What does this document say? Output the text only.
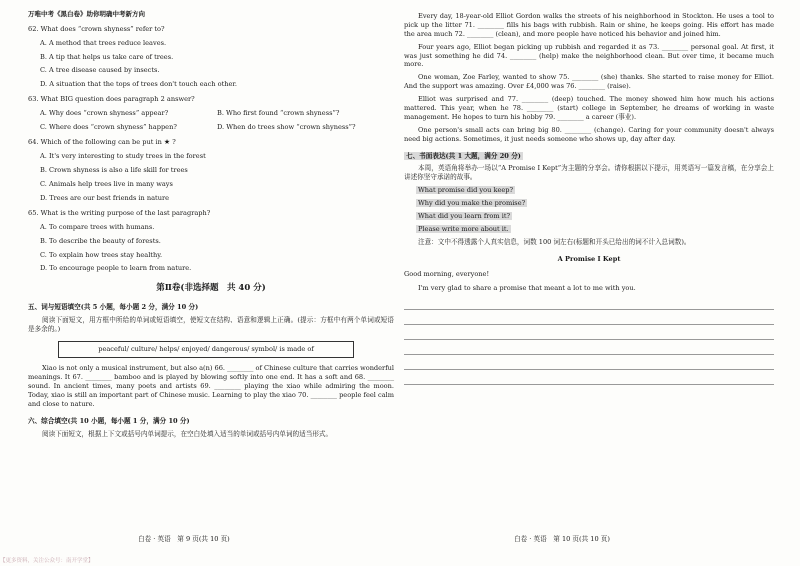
万唯中考《黑白卷》助你明确中考新方向
62. What does “crown shyness” refer to?
A. A method that trees reduce leaves.
B. A tip that helps us take care of trees.
C. A tree disease caused by insects.
D. A situation that the tops of trees don't touch each other.
63. What BIG question does paragraph 2 answer?
A. Why does “crown shyness” appear?	B. Who first found “crown shyness”?
C. Where does “crown shyness” happen?	D. When do trees show “crown shyness”?
64. Which of the following can be put in ★ ?
A. It's very interesting to study trees in the forest
B. Crown shyness is also a life skill for trees
C. Animals help trees live in many ways
D. Trees are our best friends in nature
65. What is the writing purpose of the last paragraph?
A. To compare trees with humans.
B. To describe the beauty of forests.
C. To explain how trees stay healthy.
D. To encourage people to learn from nature.
第Ⅱ卷(非选择题　共 40 分)
五、词与短语填空(共 5 小题，每小题 2 分，满分 10 分)
阅读下面短文，用方框中所给的单词或短语填空，使短文在结构、语意和逻辑上正确。(提示：方框中有两个单词或短语是多余的。)
peaceful/ culture/ helps/ enjoyed/ dangerous/ symbol/ is made of
Xiao is not only a musical instrument, but also a(n) 66. ________ of Chinese culture that carries wonderful meanings. It 67. ________ bamboo and is played by blowing softly into one end. It has a soft and 68. ________ sound. In ancient times, many poets and artists 69. ________ playing the xiao while admiring the moon. Today, xiao is still an important part of Chinese music. Learning to play the xiao 70. ________ people feel calm and close to nature.
六、综合填空(共 10 小题，每小题 1 分，满分 10 分)
阅读下面短文，根据上下文或括号内单词提示，在空白处填入适当的单词或括号内单词的适当形式。
白卷 · 英语　第 9 页(共 10 页)
Every day, 18-year-old Elliot Gordon walks the streets of his neighborhood in Stockton. He uses a tool to pick up the litter 71. ________ fills his bags with rubbish. Rain or shine, he keeps going. His effort has made the area much 72. ________ (clean), and more people have noticed his behavior and joined him.
Four years ago, Elliot began picking up rubbish and regarded it as 73. ________ personal goal. At first, it was just something he did 74. ________ (help) make the neighborhood clean. But over time, it became much more.
One woman, Zoe Farley, wanted to show 75. ________ (she) thanks. She started to raise money for Elliot. And the support was amazing. Over £4,000 was 76. ________ (raise).
Elliot was surprised and 77. ________ (deep) touched. The money showed him how much his actions mattered. This year, when he 78. ________ (start) college in September, he dreams of working in waste management. He hopes to turn his hobby 79. ________ a career (事业).
One person's small acts can bring big 80. ________ (change). Caring for your community doesn't always need big actions. Sometimes, it just needs someone who shows up, day after day.
七、书面表达(共 1 大题，满分 20 分)
本周，英语角将举办一场以“A Promise I Kept”为主题的分享会。请你根据以下提示，用英语写一篇发言稿，在分享会上讲述你坚守承诺的故事。
What promise did you keep?
Why did you make the promise?
What did you learn from it?
Please write more about it.
注意：文中不得透露个人真实信息，词数 100 词左右(标题和开头已给出的词不计入总词数)。
A Promise I Kept
Good morning, everyone!
I'm very glad to share a promise that meant a lot to me with you.
白卷 · 英语　第 10 页(共 10 页)
【更多资料，关注公众号：南开学堂】
